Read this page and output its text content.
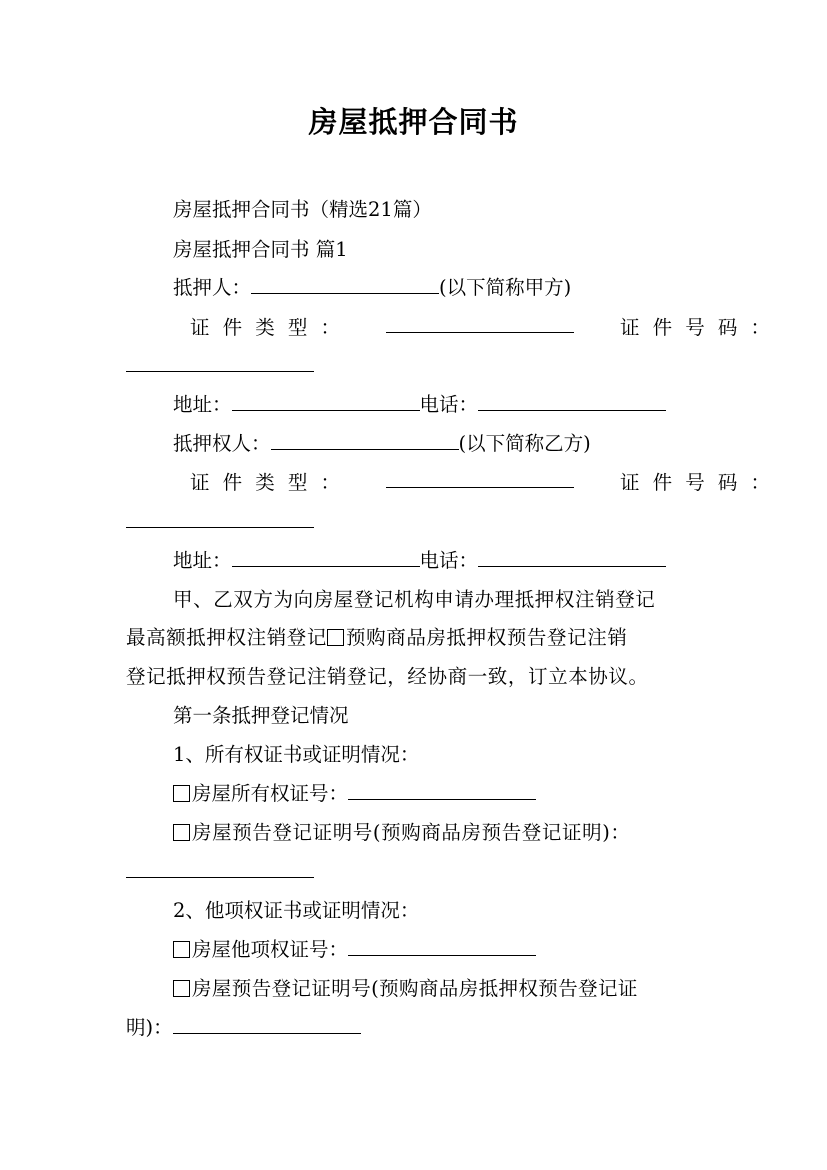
房屋抵押合同书
房屋抵押合同书（精选21篇）
房屋抵押合同书 篇1
抵押人：	(以下简称甲方)
证 件 类 型 ：	证 件 号 码 ：
地址：	电话：
抵押权人：	(以下简称乙方)
证 件 类 型 ：	证 件 号 码 ：
地址：	电话：
甲、乙双方为向房屋登记机构申请办理抵押权注销登记
最高额抵押权注销登记 预购商品房抵押权预告登记注销
登记抵押权预告登记注销登记，经协商一致，订立本协议。
第一条抵押登记情况
1、所有权证书或证明情况：
房屋所有权证号：
房屋预告登记证明号(预购商品房预告登记证明)：
2、他项权证书或证明情况：
房屋他项权证号：
房屋预告登记证明号(预购商品房抵押权预告登记证
明)：
